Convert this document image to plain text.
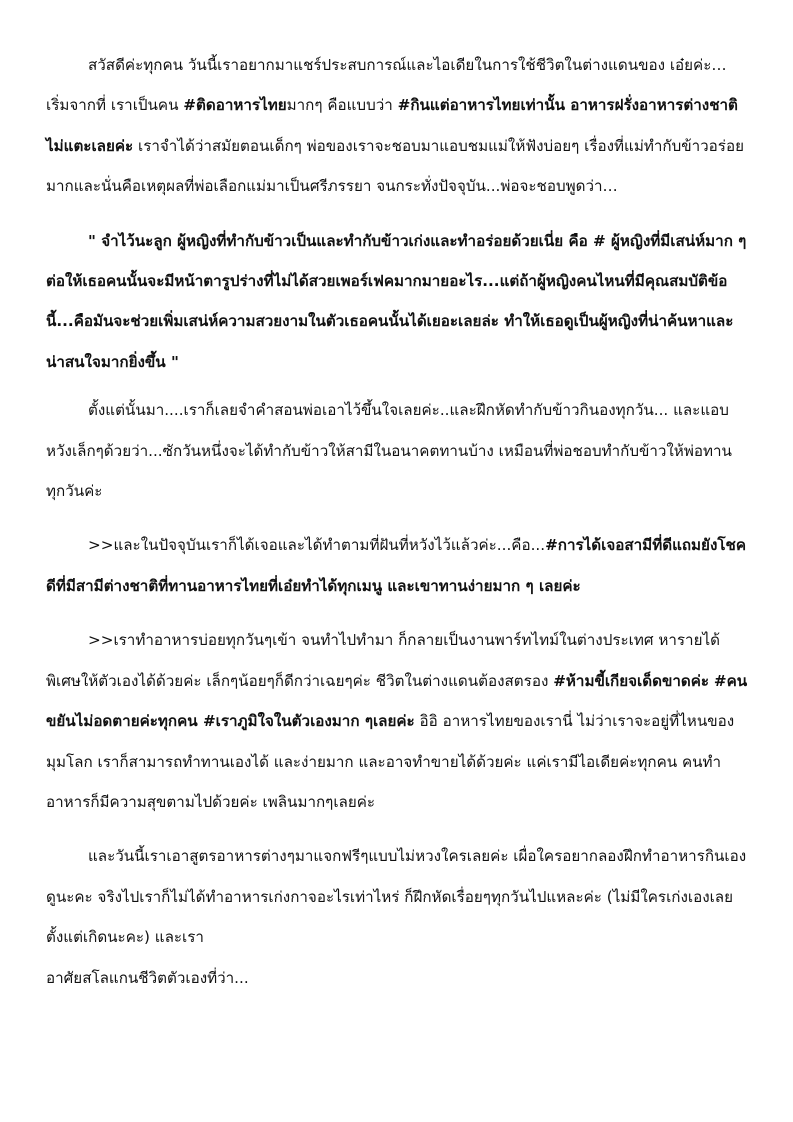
สวัสดีค่ะทุกคน วันนี้เราอยากมาแชร์ประสบการณ์และไอเดียในการใช้ชีวิตในต่างแดนของ เอ๋ยค่ะ…เริ่มจากที่ เราเป็นคน #ติดอาหารไทยมากๆ คือแบบว่า #กินแต่อาหารไทยเท่านั้น อาหารฝรั่งอาหารต่างชาติไม่แตะเลยค่ะ เราจำได้ว่าสมัยตอนเด็กๆ พ่อของเราจะชอบมาแอบชมแม่ให้ฟังบ่อยๆ เรื่องที่แม่ทำกับข้าวอร่อยมากและนั่นคือเหตุผลที่พ่อเลือกแม่มาเป็นศรีภรรยา จนกระทั่งปัจจุบัน...พ่อจะชอบพูดว่า…

" จำไว้นะลูก ผู้หญิงที่ทำกับข้าวเป็นและทำกับข้าวเก่งและทำอร่อยด้วยเนี่ย คือ # ผู้หญิงที่มีเสน่ห์มาก ๆ ต่อให้เธอคนนั้นจะมีหน้าตารูปร่างที่ไม่ได้สวยเพอร์เฟคมากมายอะไร...แต่ถ้าผู้หญิงคนไหนที่มีคุณสมบัติข้อนี้...คือมันจะช่วยเพิ่มเสน่ห์ความสวยงามในตัวเธอคนนั้นได้เยอะเลยล่ะ ทำให้เธอดูเป็นผู้หญิงที่น่าค้นหาและน่าสนใจมากยิ่งขึ้น "

ตั้งแต่นั้นมา....เราก็เลยจำคำสอนพ่อเอาไว้ขึ้นใจเลยค่ะ..และฝึกหัดทำกับข้าวกินองทุกวัน... และแอบหวังเล็กๆด้วยว่า...ซักวันหนึ่งจะได้ทำกับข้าวให้สามีในอนาคตทานบ้าง เหมือนที่พ่อชอบทำกับข้าวให้พ่อทานทุกวันค่ะ

>>และในปัจจุบันเราก็ได้เจอและได้ทำตามที่ฝันที่หวังไว้แล้วค่ะ...คือ...#การได้เจอสามีที่ดีแถมยังโชคดีที่มีสามีต่างชาติที่ทานอาหารไทยที่เอ๋ยทำได้ทุกเมนู และเขาทานง่ายมาก ๆ เลยค่ะ

>>เราทำอาหารบ่อยทุกวันๆเข้า จนทำไปทำมา ก็กลายเป็นงานพาร์ทไทม์ในต่างประเทศ หารายได้พิเศษให้ตัวเองได้ด้วยค่ะ เล็กๆน้อยๆก็ดีกว่าเฉยๆค่ะ ชีวิตในต่างแดนต้องสตรอง #ห้ามขี้เกียจเด็ดขาดค่ะ #คนขยันไม่อดตายค่ะทุกคน #เราภูมิใจในตัวเองมาก ๆเลยค่ะ อิอิ อาหารไทยของเรานี่ ไม่ว่าเราจะอยู่ที่ไหนของมุมโลก เราก็สามารถทำทานเองได้ และง่ายมาก และอาจทำขายได้ด้วยค่ะ แค่เรามีไอเดียค่ะทุกคน คนทำอาหารก็มีความสุขตามไปด้วยค่ะ เพลินมากๆเลยค่ะ

และวันนี้เราเอาสูตรอาหารต่างๆมาแจกฟรีๆแบบไม่หวงใครเลยค่ะ เผื่อใครอยากลองฝึกทำอาหารกินเองดูนะคะ จริงไปเราก็ไม่ได้ทำอาหารเก่งกาจอะไรเท่าไหร่ ก็ฝึกหัดเรื่อยๆทุกวันไปแหละค่ะ (ไม่มีใครเก่งเองเลยตั้งแต่เกิดนะคะ) และเรา
อาศัยสโลแกนชีวิตตัวเองที่ว่า...
